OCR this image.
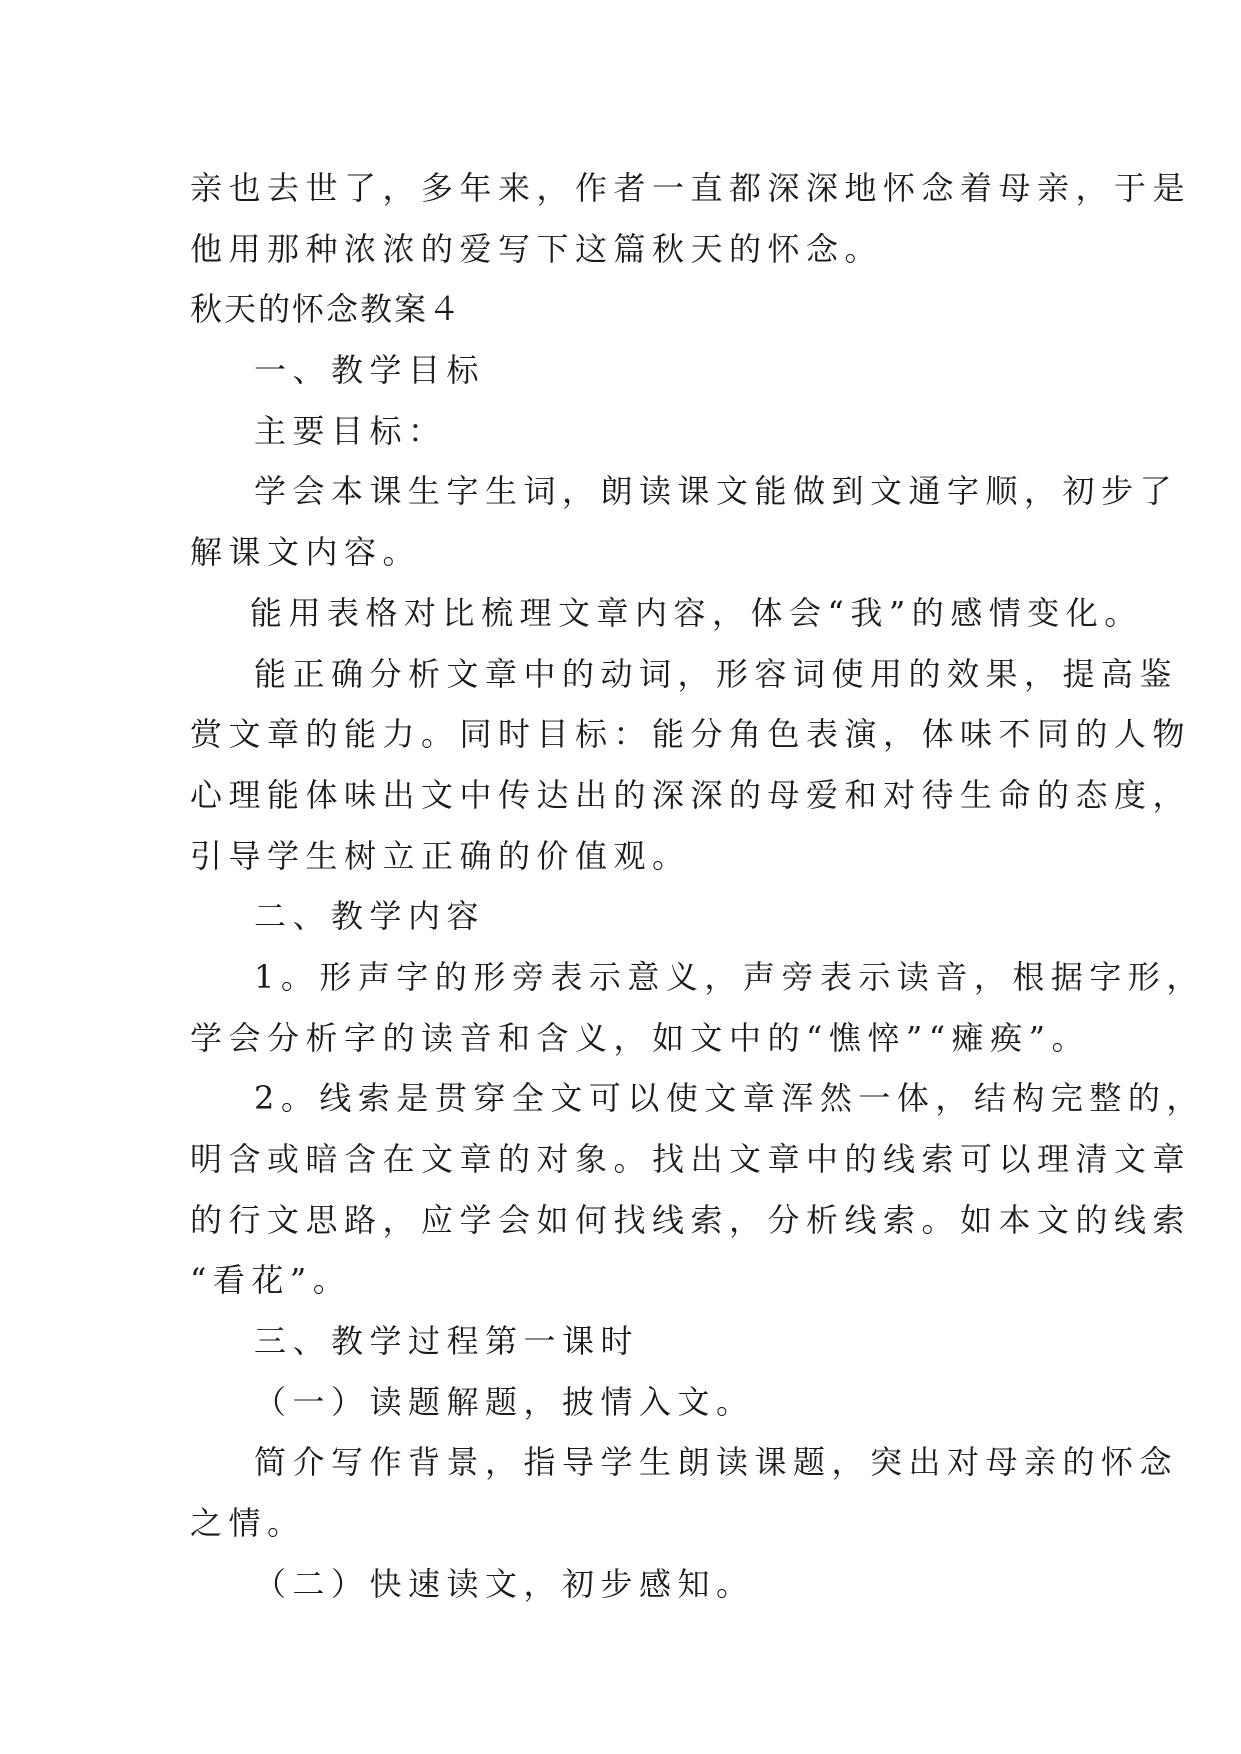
亲也去世了，多年来，作者一直都深深地怀念着母亲，于是
他用那种浓浓的爱写下这篇秋天的怀念。
秋天的怀念教案４
一、教学目标
主要目标：
学会本课生字生词，朗读课文能做到文通字顺，初步了
解课文内容。
能用表格对比梳理文章内容，体会“我”的感情变化。
能正确分析文章中的动词，形容词使用的效果，提高鉴
赏文章的能力。同时目标：能分角色表演，体味不同的人物
心理能体味出文中传达出的深深的母爱和对待生命的态度，
引导学生树立正确的价值观。
二、教学内容
1。形声字的形旁表示意义，声旁表示读音，根据字形，
学会分析字的读音和含义，如文中的“憔悴”“瘫痪”。
2。线索是贯穿全文可以使文章浑然一体，结构完整的，
明含或暗含在文章的对象。找出文章中的线索可以理清文章
的行文思路，应学会如何找线索，分析线索。如本文的线索
“看花”。
三、教学过程第一课时
（一）读题解题，披情入文。
简介写作背景，指导学生朗读课题，突出对母亲的怀念
之情。
（二）快速读文，初步感知。
